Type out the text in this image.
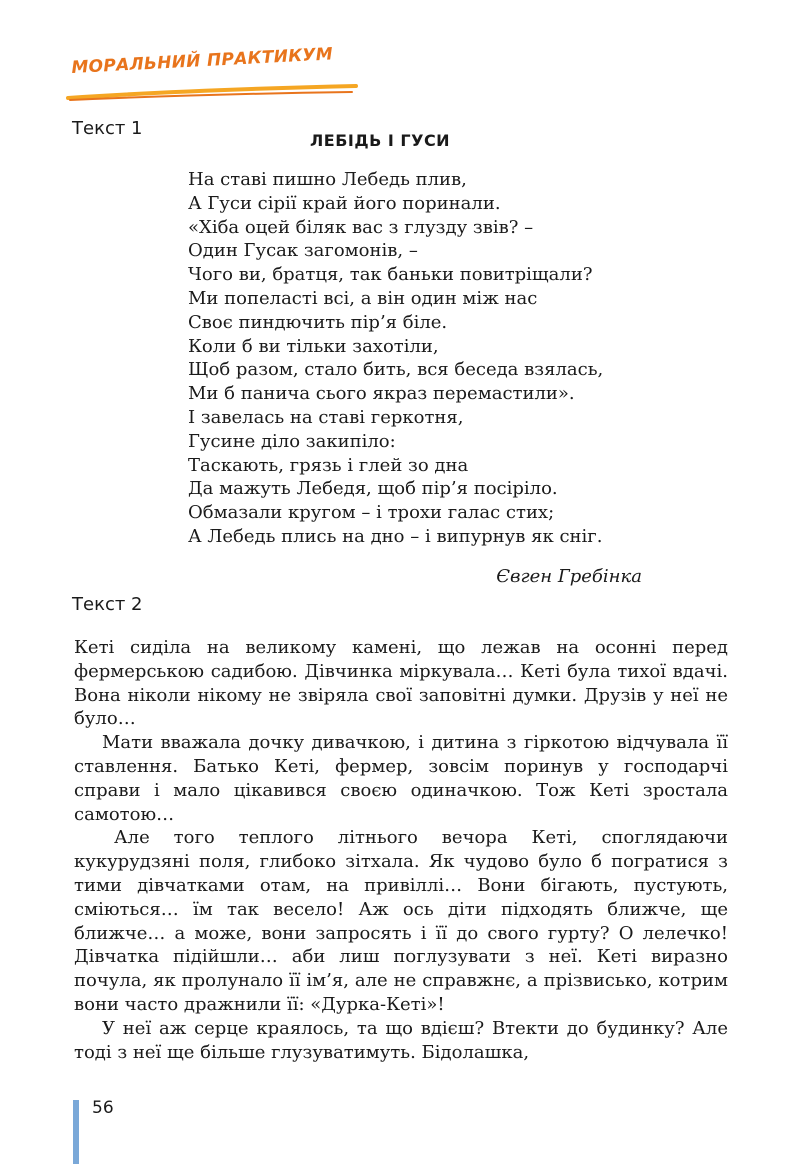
МОРАЛЬНИЙ ПРАКТИКУМ
Текст 1
ЛЕБІДЬ І ГУСИ
На ставі пишно Лебедь плив,
А Гуси сірії край його поринали.
«Хіба оцей біляк вас з глузду звів? –
Один Гусак загомонів, –
Чого ви, братця, так баньки повитріщали?
Ми попеласті всі, а він один між нас
Своє пиндючить пір’я біле.
Коли б ви тільки захотіли,
Щоб разом, стало бить, вся беседа взялась,
Ми б панича сього якраз перемастили».
І завелась на ставі геркотня,
Гусине діло закипіло:
Таскають, грязь і глей зо дна
Да мажуть Лебедя, щоб пір’я посіріло.
Обмазали кругом – і трохи галас стих;
А Лебедь плись на дно – і випурнув як сніг.
Євген Гребінка
Текст 2

Кеті сиділа на великому камені, що лежав на осонні перед фермерською садибою. Дівчинка міркувала… Кеті була тихої вдачі. Вона ніколи нікому не звіряла свої заповітні думки. Друзів у неї не було…

Мати вважала дочку дивачкою, і дитина з гіркотою відчувала її ставлення. Батько Кеті, фермер, зовсім поринув у господарчі справи і мало цікавився своєю одиначкою. Тож Кеті зростала самотою…

Але того теплого літнього вечора Кеті, споглядаючи кукурудзяні поля, глибоко зітхала. Як чудово було б погратися з тими дівчатками отам, на привіллі… Вони бігають, пустують, сміються… їм так весело! Аж ось діти підходять ближче, ще ближче… а може, вони запросять і її до свого гурту? О лелечко! Дівчатка підійшли… аби лиш поглузувати з неї. Кеті виразно почула, як пролунало її ім’я, але не справжнє, а прізвисько, котрим вони часто дражнили її: «Дурка-Кеті»!

У неї аж серце краялось, та що вдієш? Втекти до будинку? Але тоді з неї ще більше глузуватимуть. Бідолашка,

56
